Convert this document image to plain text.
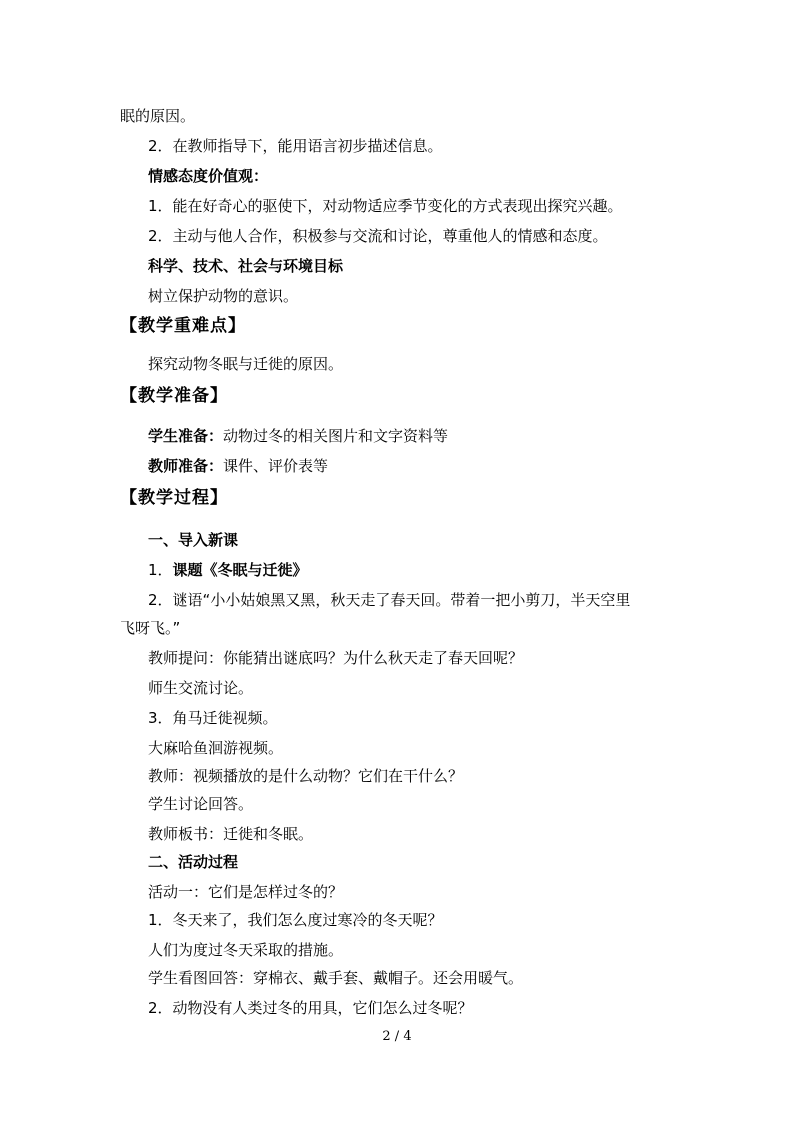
眠的原因。
2．在教师指导下，能用语言初步描述信息。
情感态度价值观：
1．能在好奇心的驱使下，对动物适应季节变化的方式表现出探究兴趣。
2．主动与他人合作，积极参与交流和讨论，尊重他人的情感和态度。
科学、技术、社会与环境目标
树立保护动物的意识。
【教学重难点】
探究动物冬眠与迁徙的原因。
【教学准备】
学生准备：动物过冬的相关图片和文字资料等
教师准备：课件、评价表等
【教学过程】
一、导入新课
1．课题《冬眠与迁徙》
2．谜语“小小姑娘黑又黑，秋天走了春天回。带着一把小剪刀，半天空里
飞呀飞。”
教师提问：你能猜出谜底吗？为什么秋天走了春天回呢？
师生交流讨论。
3．角马迁徙视频。
大麻哈鱼洄游视频。
教师：视频播放的是什么动物？它们在干什么？
学生讨论回答。
教师板书：迁徙和冬眠。
二、活动过程
活动一：它们是怎样过冬的？
1．冬天来了，我们怎么度过寒冷的冬天呢？
人们为度过冬天采取的措施。
学生看图回答：穿棉衣、戴手套、戴帽子。还会用暖气。
2．动物没有人类过冬的用具，它们怎么过冬呢？
2 / 4
